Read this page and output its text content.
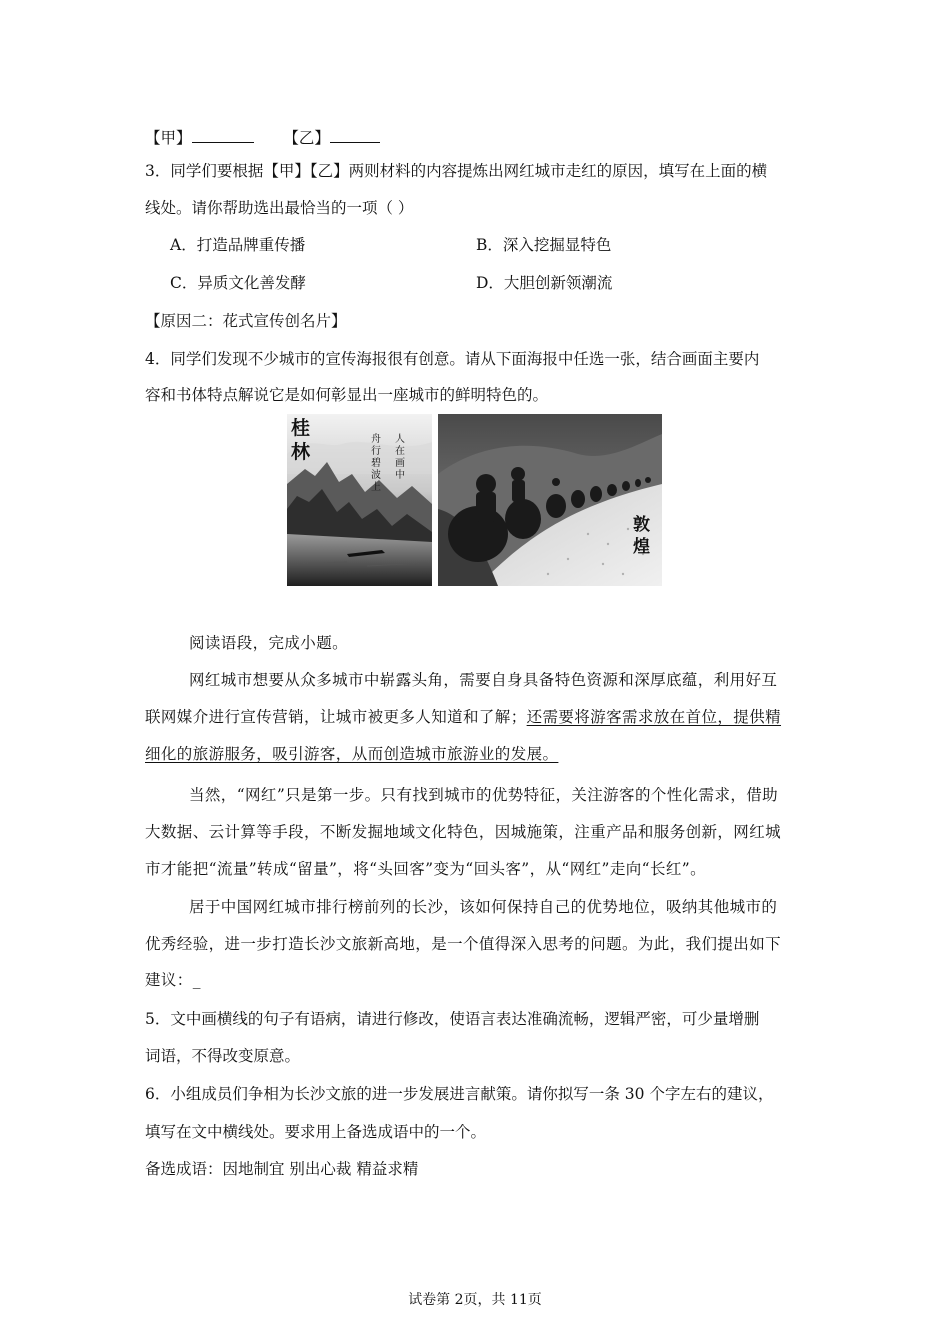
【甲】	【乙】
3．同学们要根据【甲】【乙】两则材料的内容提炼出网红城市走红的原因，填写在上面的横
线处。请你帮助选出最恰当的一项（ ）
A．打造品牌重传播	B．深入挖掘显特色
C．异质文化善发酵	D．大胆创新领潮流
【原因二：花式宣传创名片】
4．同学们发现不少城市的宣传海报很有创意。请从下面海报中任选一张，结合画面主要内
容和书体特点解说它是如何彰显出一座城市的鲜明特色的。
桂
林
舟行碧波上
人在画中
敦
煌
阅读语段，完成小题。
网红城市想要从众多城市中崭露头角，需要自身具备特色资源和深厚底蕴，利用好互
联网媒介进行宣传营销，让城市被更多人知道和了解；还需要将游客需求放在首位，提供精
细化的旅游服务，吸引游客，从而创造城市旅游业的发展。
当然，“网红”只是第一步。只有找到城市的优势特征，关注游客的个性化需求，借助
大数据、云计算等手段，不断发掘地域文化特色，因城施策，注重产品和服务创新，网红城
市才能把“流量”转成“留量”，将“头回客”变为“回头客”，从“网红”走向“长红”。
居于中国网红城市排行榜前列的长沙，该如何保持自己的优势地位，吸纳其他城市的
优秀经验，进一步打造长沙文旅新高地，是一个值得深入思考的问题。为此，我们提出如下
建议：_
5．文中画横线的句子有语病，请进行修改，使语言表达准确流畅，逻辑严密，可少量增删
词语，不得改变原意。
6．小组成员们争相为长沙文旅的进一步发展进言献策。请你拟写一条 30 个字左右的建议，
填写在文中横线处。要求用上备选成语中的一个。
备选成语：因地制宜 别出心裁 精益求精
试卷第 2页，共 11页
